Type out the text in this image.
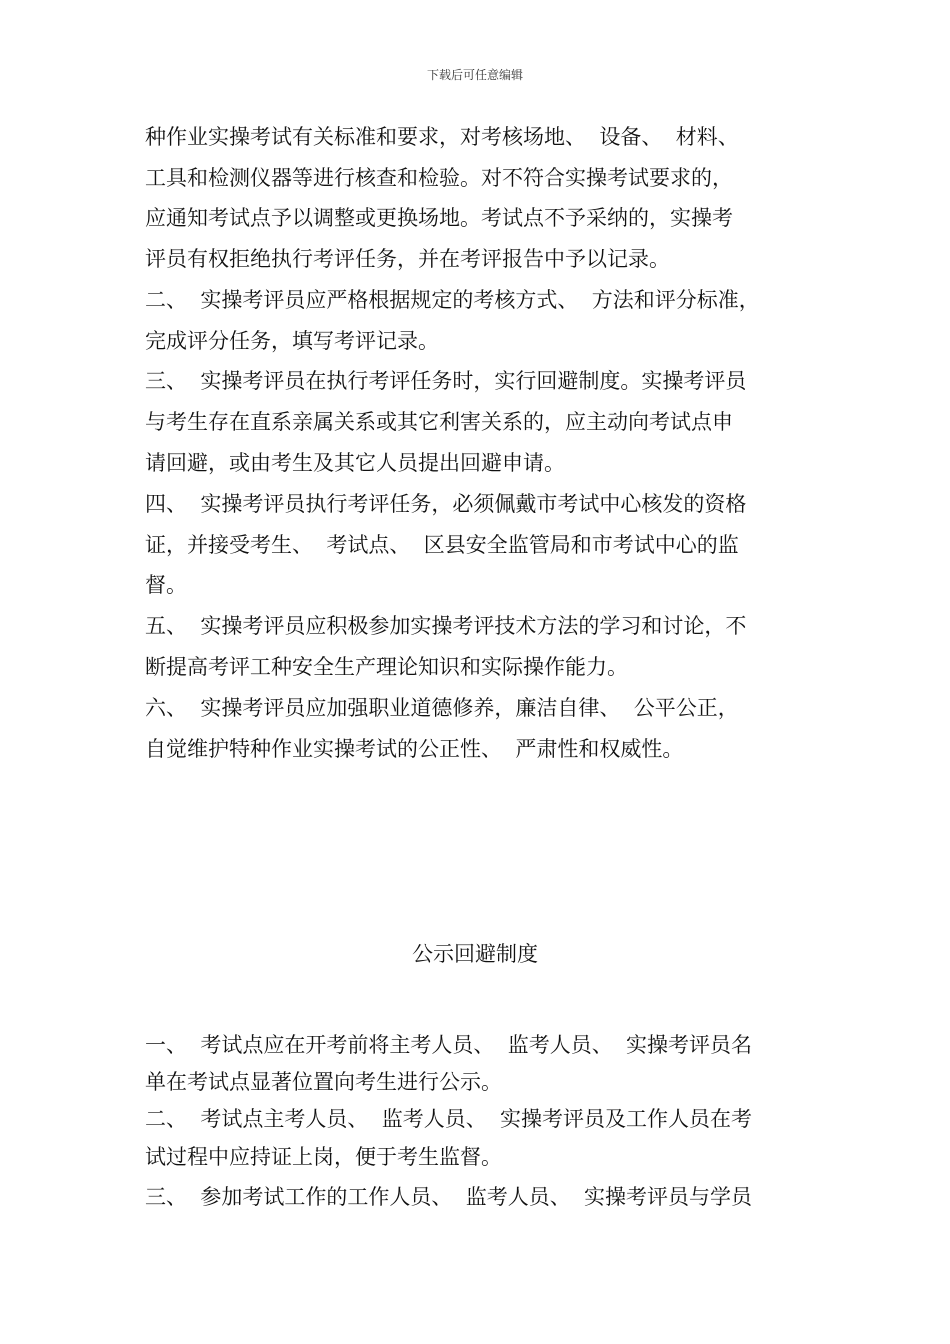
下载后可任意编辑
种作业实操考试有关标准和要求，对考核场地、  设备、  材料、
工具和检测仪器等进行核查和检验。对不符合实操考试要求的，
应通知考试点予以调整或更换场地。考试点不予采纳的，实操考
评员有权拒绝执行考评任务，并在考评报告中予以记录。
二、  实操考评员应严格根据规定的考核方式、  方法和评分标准，
完成评分任务，填写考评记录。
三、  实操考评员在执行考评任务时，实行回避制度。实操考评员
与考生存在直系亲属关系或其它利害关系的，应主动向考试点申
请回避，或由考生及其它人员提出回避申请。
四、  实操考评员执行考评任务，必须佩戴市考试中心核发的资格
证，并接受考生、  考试点、  区县安全监管局和市考试中心的监
督。
五、  实操考评员应积极参加实操考评技术方法的学习和讨论，不
断提高考评工种安全生产理论知识和实际操作能力。
六、  实操考评员应加强职业道德修养，廉洁自律、  公平公正，
自觉维护特种作业实操考试的公正性、  严肃性和权威性。
公示回避制度
一、  考试点应在开考前将主考人员、  监考人员、  实操考评员名
单在考试点显著位置向考生进行公示。
二、  考试点主考人员、  监考人员、  实操考评员及工作人员在考
试过程中应持证上岗，便于考生监督。
三、  参加考试工作的工作人员、  监考人员、  实操考评员与学员
